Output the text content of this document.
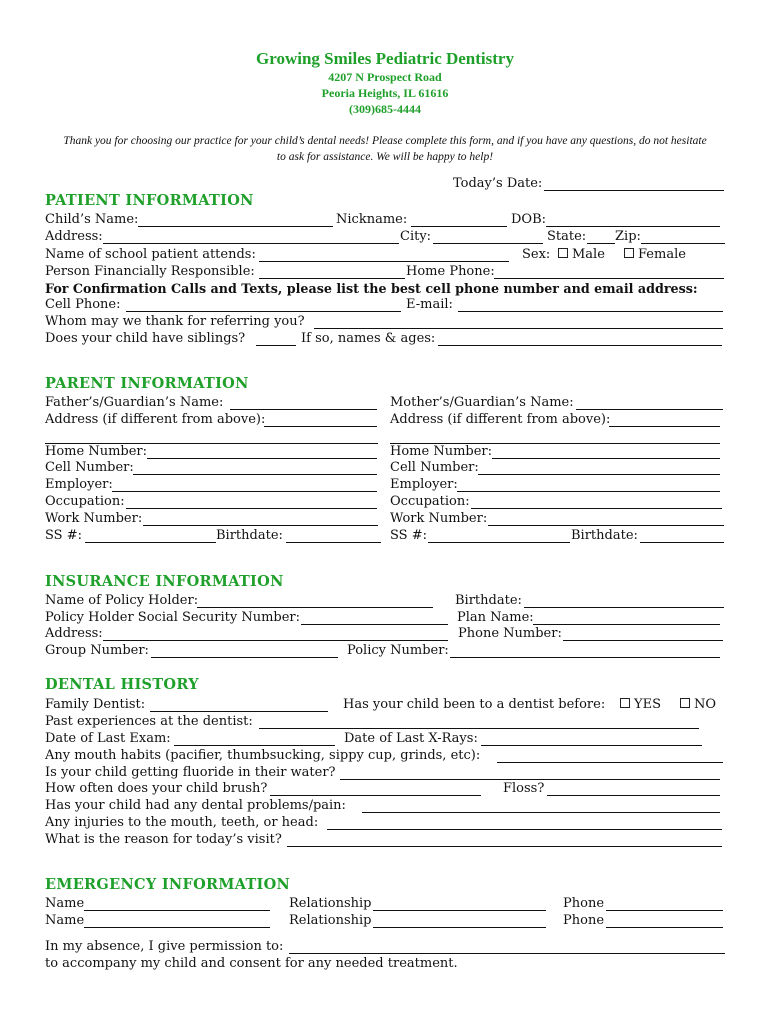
Growing Smiles Pediatric Dentistry
4207 N Prospect Road
Peoria Heights, IL 61616
(309)685-4444
Thank you for choosing our practice for your child’s dental needs! Please complete this form, and if you have any questions, do not hesitate to ask for assistance. We will be happy to help!
Today’s Date:
PATIENT INFORMATION
Child’s Name:	Nickname:	DOB:
Address:	City:	State: Zip:
Name of school patient attends:	Sex:	Male	Female
Person Financially Responsible:	Home Phone:
For Confirmation Calls and Texts, please list the best cell phone number and email address:
Cell Phone:	E-mail:
Whom may we thank for referring you?
Does your child have siblings?	If so, names & ages:
PARENT INFORMATION
Father’s/Guardian’s Name:	Mother’s/Guardian’s Name:
Address (if different from above):	Address (if different from above):
Home Number:	Home Number:
Cell Number:	Cell Number:
Employer:	Employer:
Occupation:	Occupation:
Work Number:	Work Number:
SS #:	Birthdate:	SS #:	Birthdate:
INSURANCE INFORMATION
Name of Policy Holder:	Birthdate:
Policy Holder Social Security Number:	Plan Name:
Address:	Phone Number:
Group Number:	Policy Number:
DENTAL HISTORY
Family Dentist:	Has your child been to a dentist before:	YES	NO
Past experiences at the dentist:
Date of Last Exam:	Date of Last X-Rays:
Any mouth habits (pacifier, thumbsucking, sippy cup, grinds, etc):
Is your child getting fluoride in their water?
How often does your child brush?	Floss?
Has your child had any dental problems/pain:
Any injuries to the mouth, teeth, or head:
What is the reason for today’s visit?
EMERGENCY INFORMATION
Name	Relationship	Phone
Name	Relationship	Phone
In my absence, I give permission to:
to accompany my child and consent for any needed treatment.
